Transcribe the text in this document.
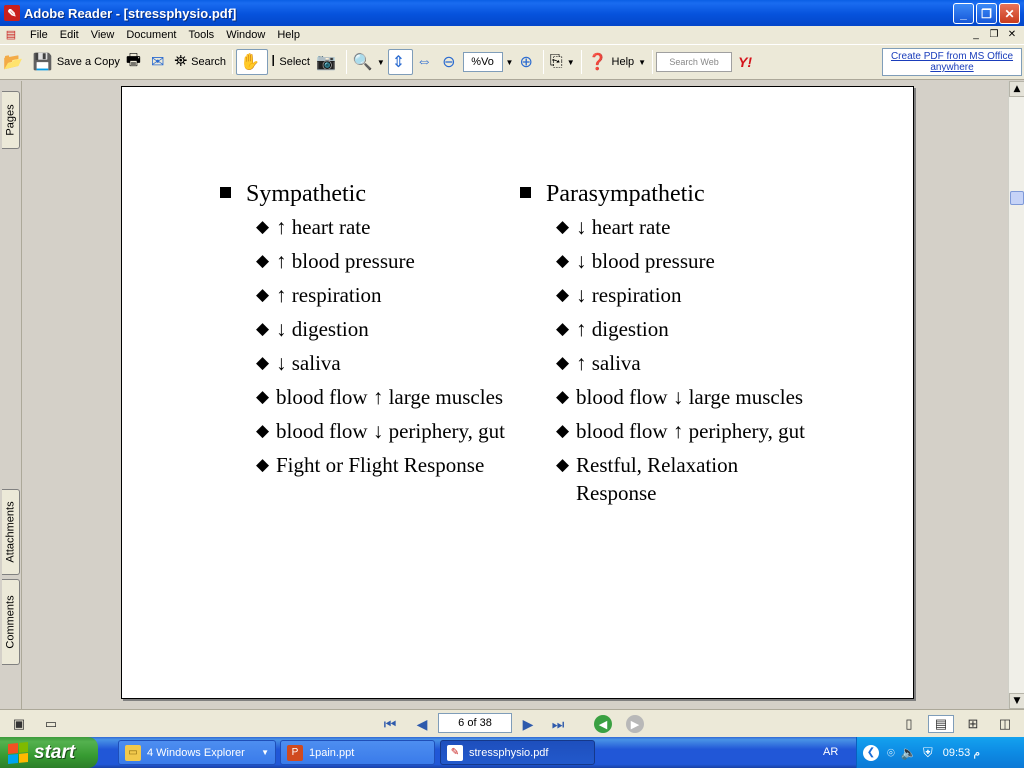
✎ Adobe Reader - [stressphysio.pdf]	_	❐	✕
▤	File	Edit	View	Document	Tools	Window	Help	_	❐ ✕
📂 💾 Save a Copy 🖶 ✉ ⛯ Search ✋ I Select 📷 🔍 ▼ ⇕ ⇔ ⊖	%Vo	▼ ⊕ ⎘ ▼ ❓ Help ▼	Search Web	Y!	Create PDF from MS Office
anywhere
Pages
Attachments
Comments
Sympathetic
◆ ↑ heart rate
◆ ↑ blood pressure
◆ ↑ respiration
◆ ↓ digestion
◆ ↓ saliva
◆ blood flow ↑ large muscles
◆ blood flow ↓ periphery, gut
◆ Fight or Flight Response
Parasympathetic
◆ ↓ heart rate
◆ ↓ blood pressure
◆ ↓ respiration
◆ ↑ digestion
◆ ↑ saliva
◆ blood flow ↓ large muscles
◆ blood flow ↑ periphery, gut
◆ Restful, Relaxation Response
▲
▼
▣ ▭	⏮	◀	6 of 38	▶	⏭	◀	▶	▯	▤	⊞ ◫
start	▭ 4 Windows Explorer ▼	P 1pain.ppt	✎ stressphysio.pdf	AR	❮ ⌾ 🔈 ⛨ 09:53 م
